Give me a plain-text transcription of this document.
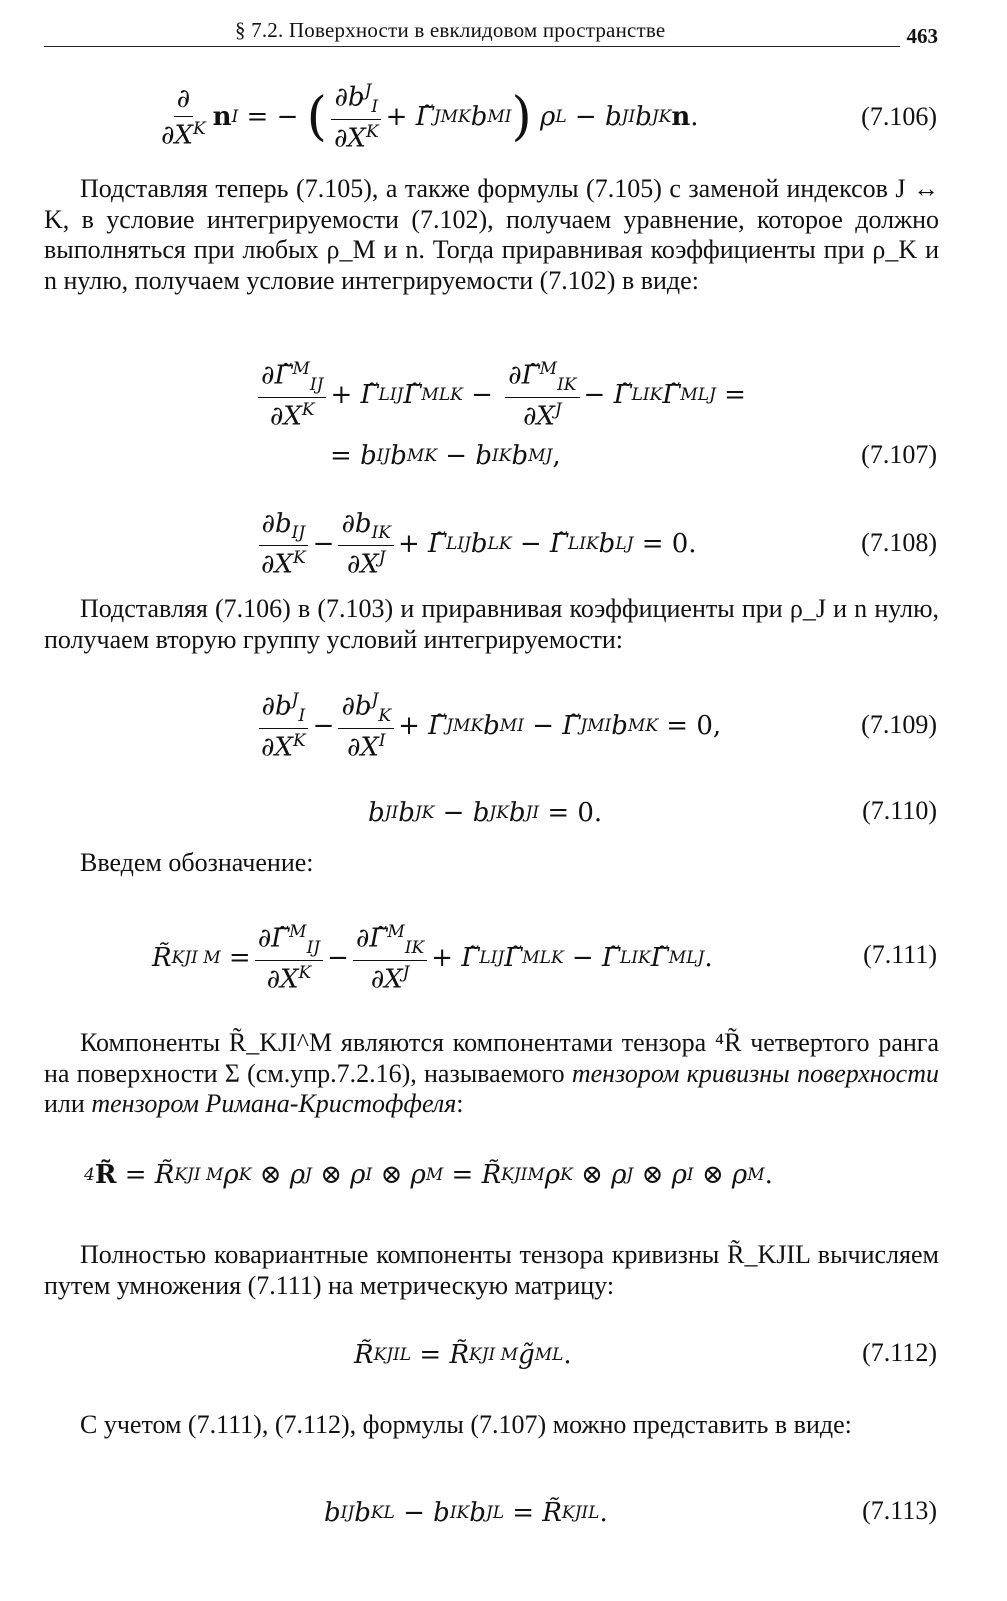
§ 7.2. Поверхности в евклидовом пространстве	463
$\frac{\partial}{\partial X^K}$ n I = − ( $\frac{\partial b^J_I}{\partial X^K}$ + Γ̃ J MK b M I ) ρ L − b J I b JK n .	(7.106)
Подставляя теперь (7.105), а также формулы (7.105) с заменой индексов J ↔ K, в условие интегрируемости (7.102), получаем уравнение, которое должно выполняться при любых ρ_M и n. Тогда приравнивая коэффициенты при ρ_K и n нулю, получаем условие интегрируемости (7.102) в виде:
$\frac{\partial\Gammã^M_{IJ}}{\partial X^K}$ + Γ̃ L IJ Γ̃ M LK − $\frac{\partial\Gammã^M_{IK}}{\partial X^J}$ − Γ̃ L IK Γ̃ M LJ =
= b IJ b M K − b IK b M J ,	(7.107)
$\frac{\partial b_{IJ}}{\partial X^K} - \frac{\partial b_{IK}}{\partial X^J}$ + Γ̃ L IJ b LK − Γ̃ L IK b LJ = 0.	(7.108)
Подставляя (7.106) в (7.103) и приравнивая коэффициенты при ρ_J и n нулю, получаем вторую группу условий интегрируемости:
$\frac{\partial b^J_I}{\partial X^K} - \frac{\partial b^J_K}{\partial X^I}$ + Γ̃ J MK b M I − Γ̃ J MI b M K = 0,	(7.109)
b J I b JK − b J K b JI = 0.	(7.110)
Введем обозначение:
R̃ KJI $M = \frac{\partial\Gammã^M_{IJ}}{\partial X^K} - \frac{\partial\Gammã^M_{IK}}{\partial X^J}$ + Γ̃ L IJ Γ̃ M LK − Γ̃ L IK Γ̃ M LJ .	(7.111)
Компоненты R̃_KJI^M являются компонентами тензора ⁴R̃ четвертого ранга на поверхности Σ (см.упр.7.2.16), называемого тензором кривизны поверхности или тензором Римана-Кристоффеля:
4 R̃ = R̃ KJI M ρ K ⊗ ρ J ⊗ ρ I ⊗ ρ M = R̃ KJIM ρ K ⊗ ρ J ⊗ ρ I ⊗ ρ M .
Полностью ковариантные компоненты тензора кривизны R̃_KJIL вычисляем путем умножения (7.111) на метрическую матрицу:
R̃ KJIL = R̃ KJI M g̃ ML .	(7.112)
С учетом (7.111), (7.112), формулы (7.107) можно представить в виде:
b IJ b KL − b IK b JL = R̃ KJIL .	(7.113)
